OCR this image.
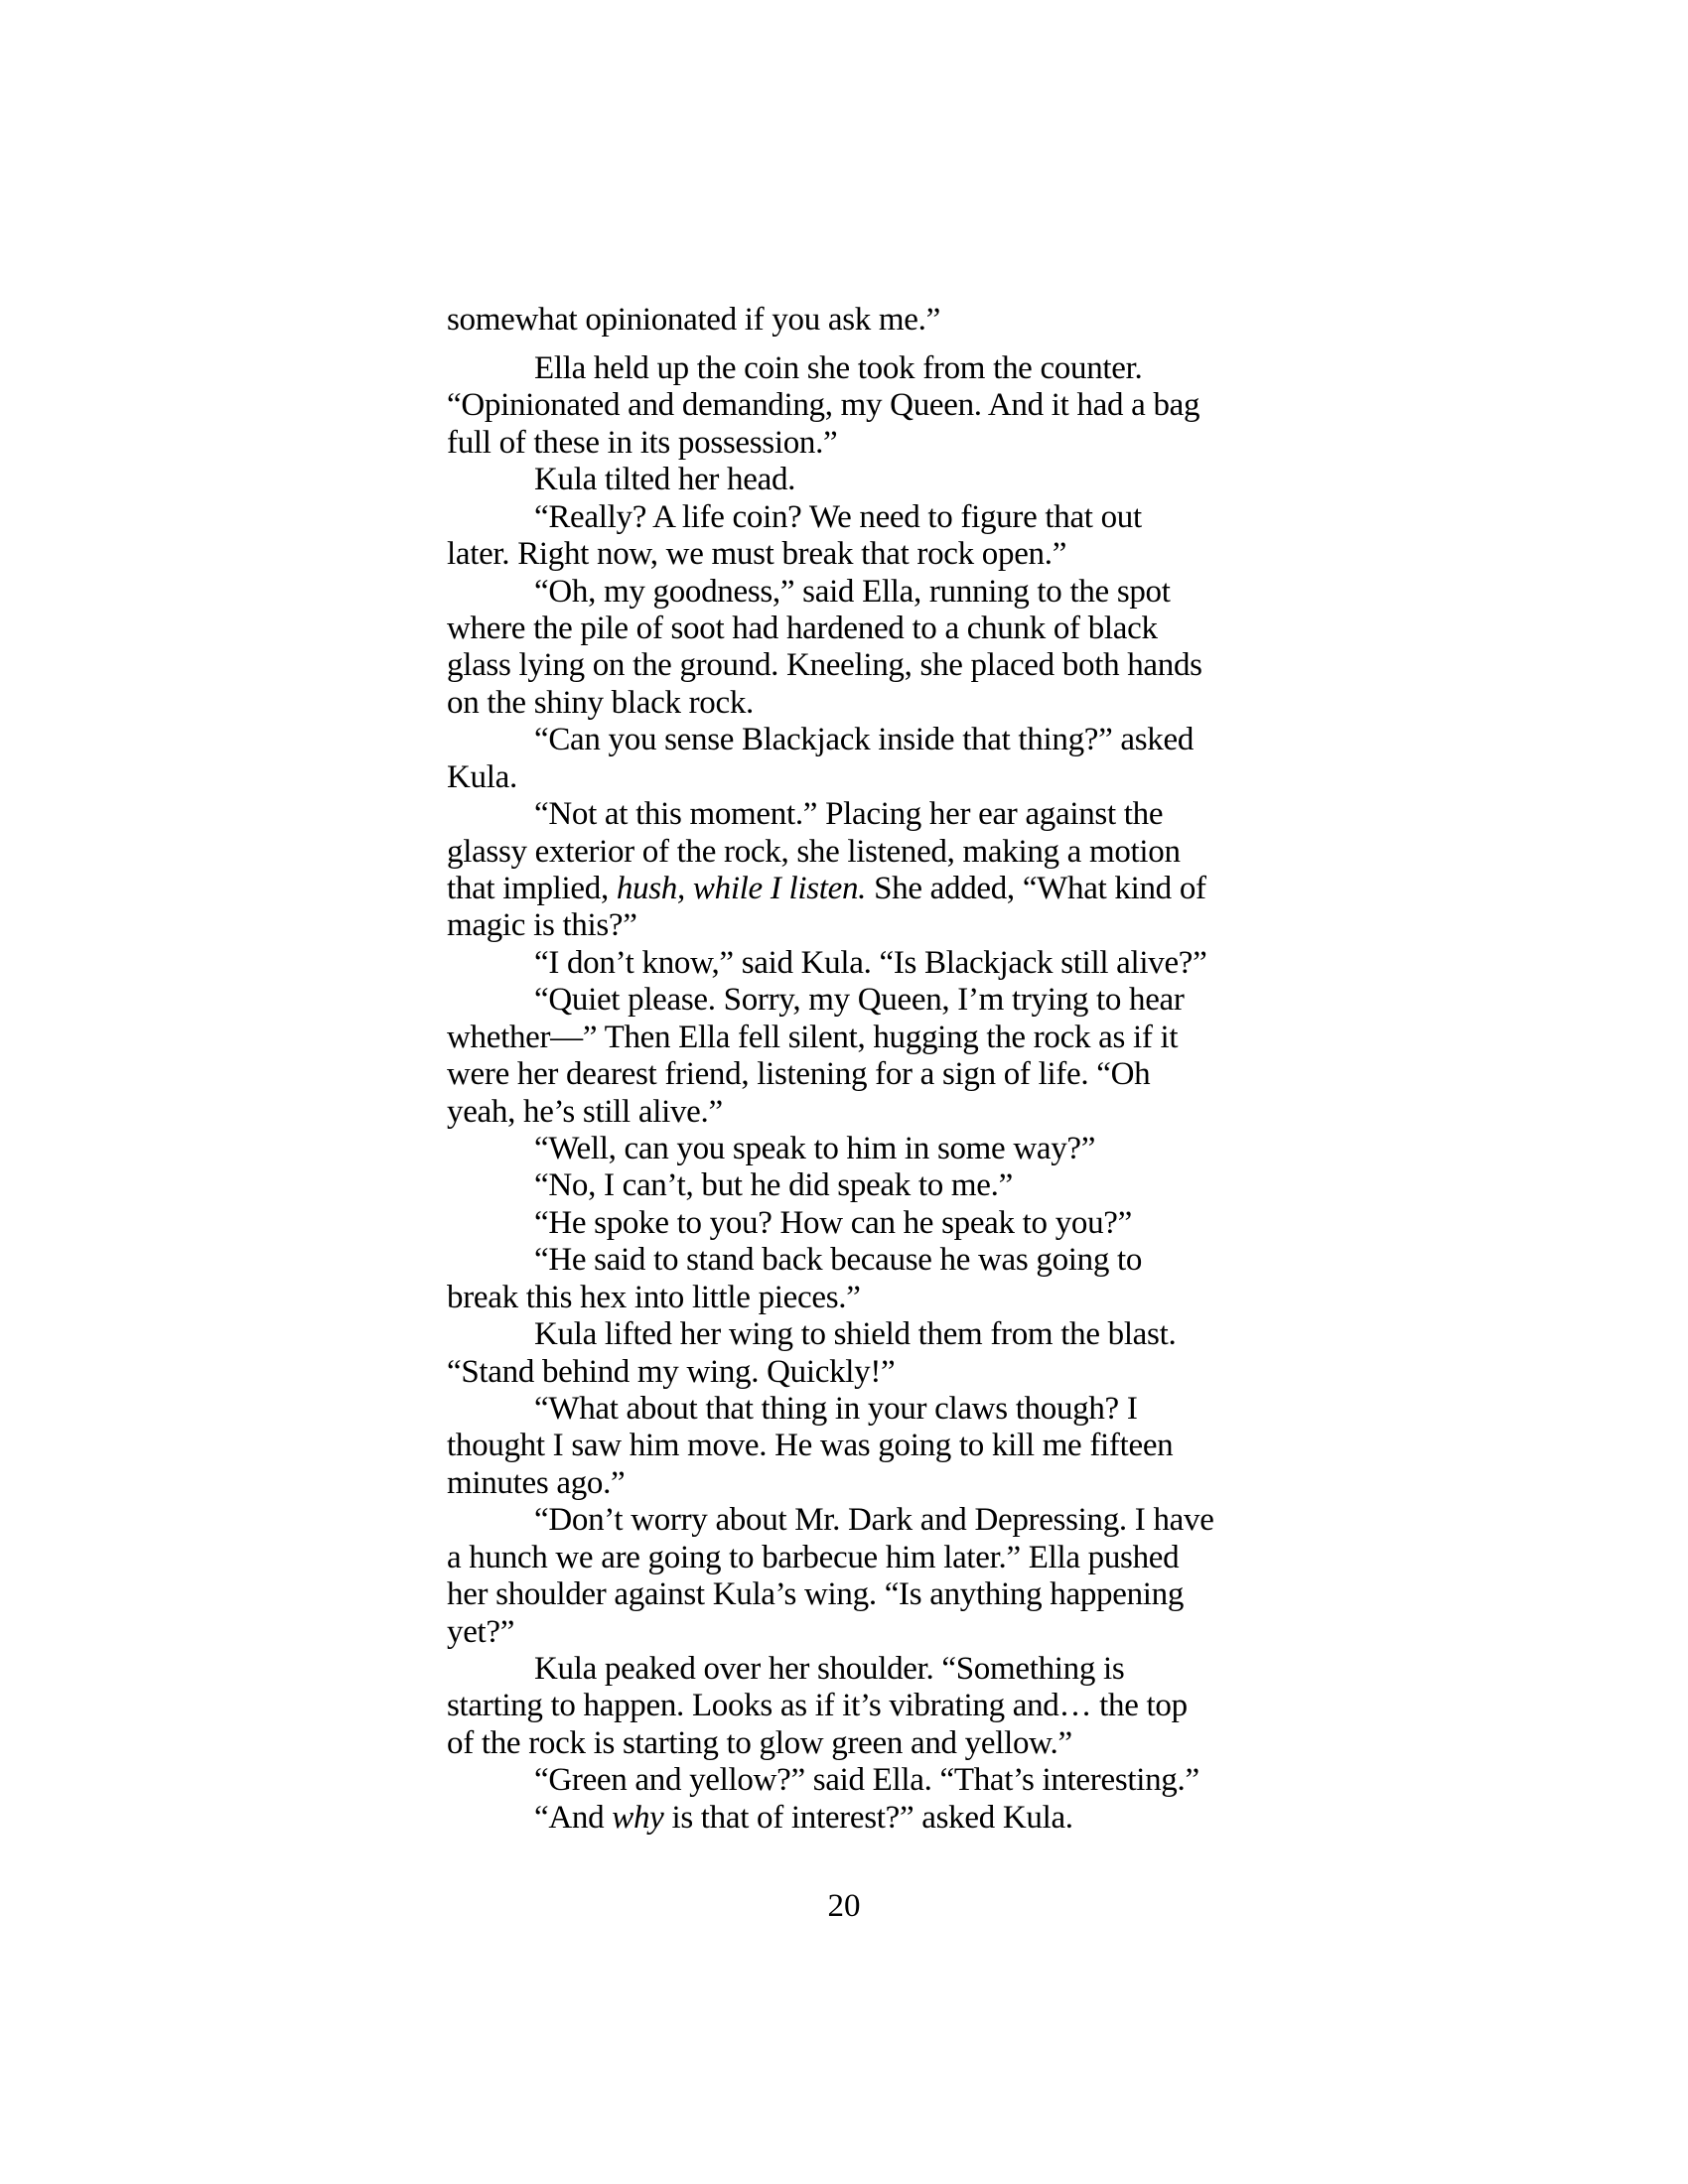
somewhat opinionated if you ask me.”
Ella held up the coin she took from the counter.
“Opinionated and demanding, my Queen. And it had a bag
full of these in its possession.”
Kula tilted her head.
“Really? A life coin? We need to figure that out
later. Right now, we must break that rock open.”
“Oh, my goodness,” said Ella, running to the spot
where the pile of soot had hardened to a chunk of black
glass lying on the ground. Kneeling, she placed both hands
on the shiny black rock.
“Can you sense Blackjack inside that thing?” asked
Kula.
“Not at this moment.” Placing her ear against the
glassy exterior of the rock, she listened, making a motion
that implied, hush, while I listen. She added, “What kind of
magic is this?”
“I don’t know,” said Kula. “Is Blackjack still alive?”
“Quiet please. Sorry, my Queen, I’m trying to hear
whether—” Then Ella fell silent, hugging the rock as if it
were her dearest friend, listening for a sign of life. “Oh
yeah, he’s still alive.”
“Well, can you speak to him in some way?”
“No, I can’t, but he did speak to me.”
“He spoke to you? How can he speak to you?”
“He said to stand back because he was going to
break this hex into little pieces.”
Kula lifted her wing to shield them from the blast.
“Stand behind my wing. Quickly!”
“What about that thing in your claws though? I
thought I saw him move. He was going to kill me fifteen
minutes ago.”
“Don’t worry about Mr. Dark and Depressing. I have
a hunch we are going to barbecue him later.” Ella pushed
her shoulder against Kula’s wing. “Is anything happening
yet?”
Kula peaked over her shoulder. “Something is
starting to happen. Looks as if it’s vibrating and… the top
of the rock is starting to glow green and yellow.”
“Green and yellow?” said Ella. “That’s interesting.”
“And why is that of interest?” asked Kula.
20
